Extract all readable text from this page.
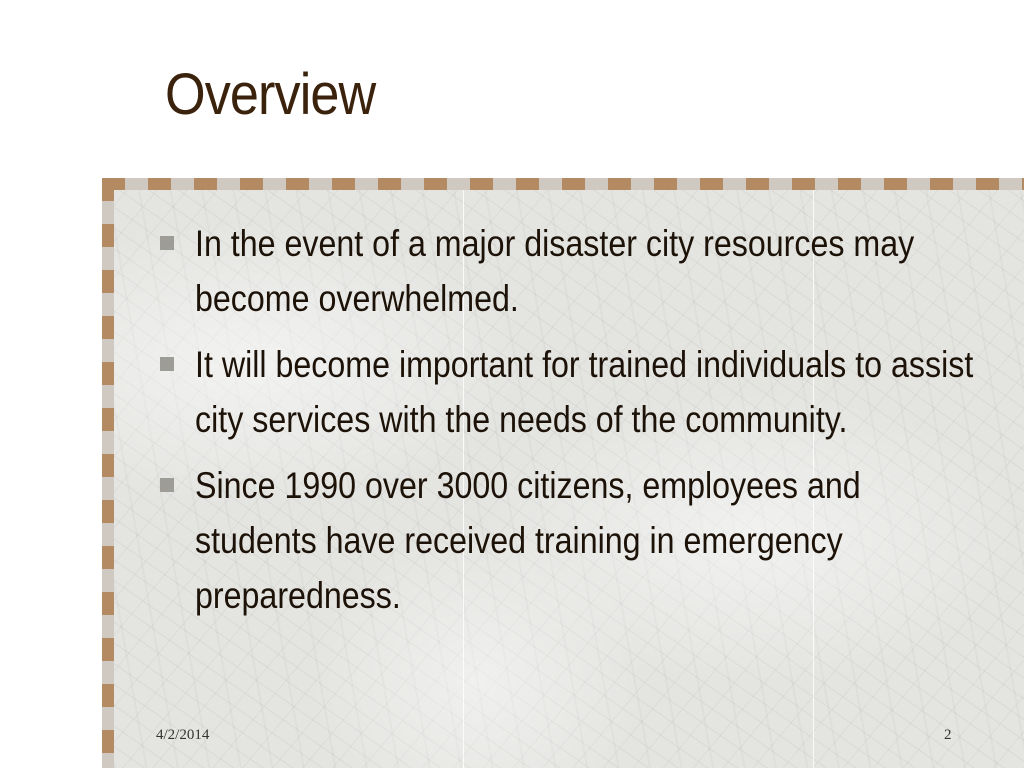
Overview
In the event of a major disaster city resources may become overwhelmed.
It will become important for trained individuals to assist city services with the needs of the community.
Since 1990 over 3000 citizens, employees and students have received training in emergency preparedness.
4/2/2014	2
